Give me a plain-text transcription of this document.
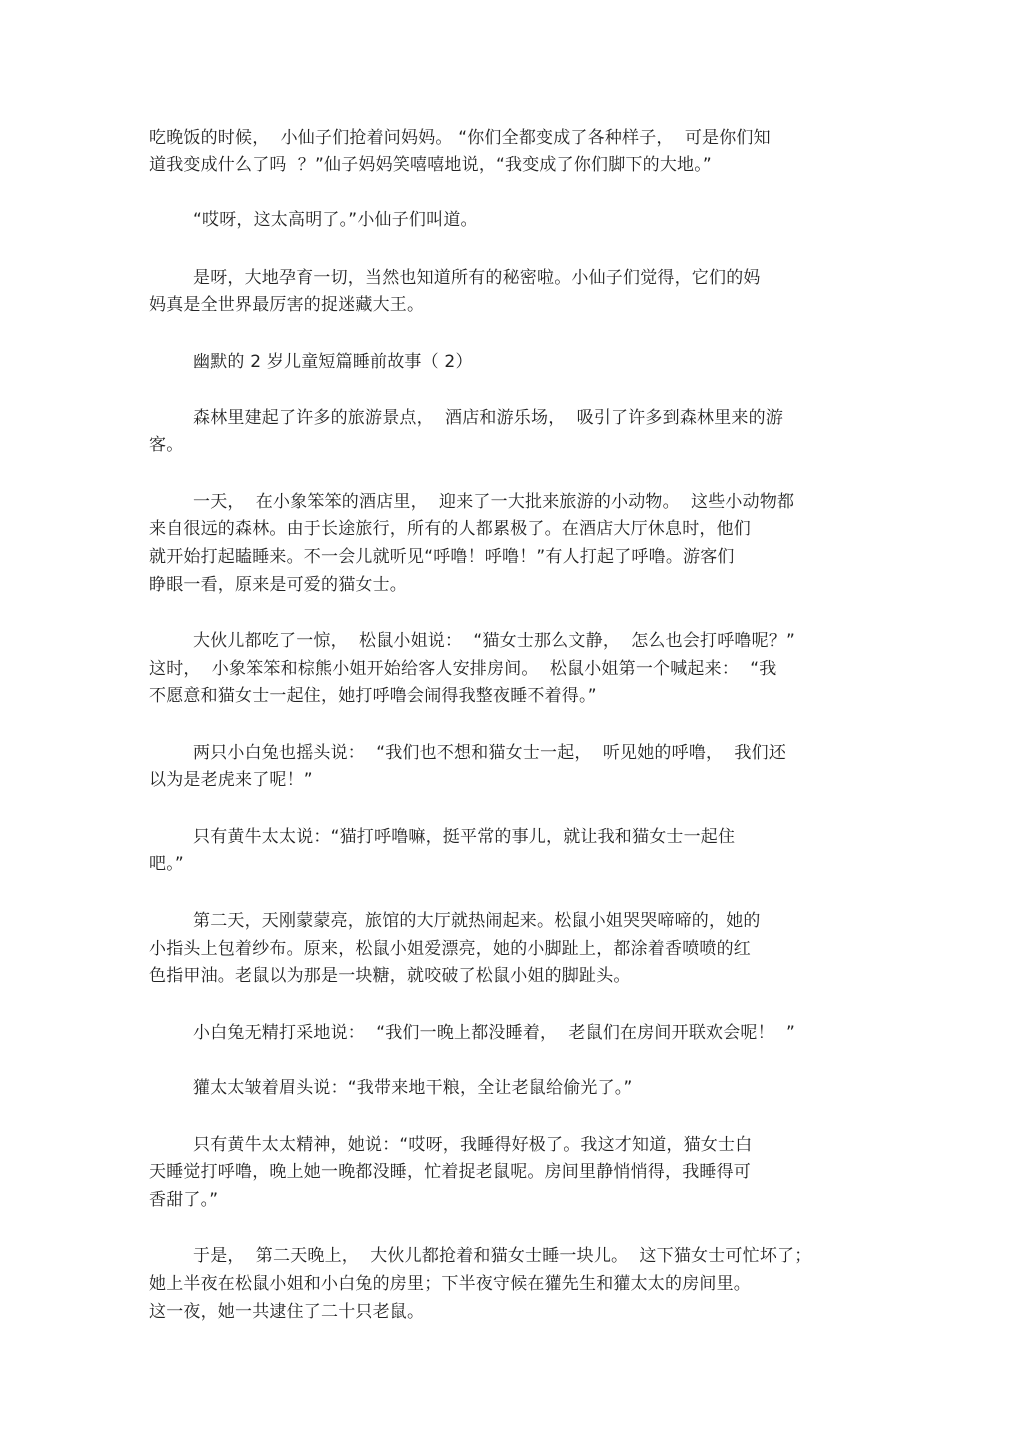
吃晚饭的时候，  小仙子们抢着问妈妈。 “你们全都变成了各种样子，  可是你们知
道我变成什么了吗  ？”仙子妈妈笑嘻嘻地说，“我变成了你们脚下的大地。”
“哎呀，这太高明了。”小仙子们叫道。
是呀，大地孕育一切，当然也知道所有的秘密啦。小仙子们觉得，它们的妈
妈真是全世界最厉害的捉迷藏大王。
幽默的 2 岁儿童短篇睡前故事（ 2）
森林里建起了许多的旅游景点，  酒店和游乐场，  吸引了许多到森林里来的游
客。
一天，  在小象笨笨的酒店里，  迎来了一大批来旅游的小动物。  这些小动物都
来自很远的森林。由于长途旅行，所有的人都累极了。在酒店大厅休息时，他们
就开始打起瞌睡来。不一会儿就听见“呼噜！呼噜！”有人打起了呼噜。游客们
睁眼一看，原来是可爱的猫女士。
大伙儿都吃了一惊，  松鼠小姐说：  “猫女士那么文静，  怎么也会打呼噜呢？”
这时，  小象笨笨和棕熊小姐开始给客人安排房间。  松鼠小姐第一个喊起来：  “我
不愿意和猫女士一起住，她打呼噜会闹得我整夜睡不着得。”
两只小白兔也摇头说：  “我们也不想和猫女士一起，  听见她的呼噜，  我们还
以为是老虎来了呢！”
只有黄牛太太说：“猫打呼噜嘛，挺平常的事儿，就让我和猫女士一起住
吧。”
第二天，天刚蒙蒙亮，旅馆的大厅就热闹起来。松鼠小姐哭哭啼啼的，她的
小指头上包着纱布。原来，松鼠小姐爱漂亮，她的小脚趾上，都涂着香喷喷的红
色指甲油。老鼠以为那是一块糖，就咬破了松鼠小姐的脚趾头。
小白兔无精打采地说：  “我们一晚上都没睡着，  老鼠们在房间开联欢会呢！  ”
獾太太皱着眉头说：“我带来地干粮，全让老鼠给偷光了。”
只有黄牛太太精神，她说：“哎呀，我睡得好极了。我这才知道，猫女士白
天睡觉打呼噜，晚上她一晚都没睡，忙着捉老鼠呢。房间里静悄悄得，我睡得可
香甜了。”
于是，  第二天晚上，  大伙儿都抢着和猫女士睡一块儿。  这下猫女士可忙坏了；
她上半夜在松鼠小姐和小白兔的房里；下半夜守候在獾先生和獾太太的房间里。
这一夜，她一共逮住了二十只老鼠。
